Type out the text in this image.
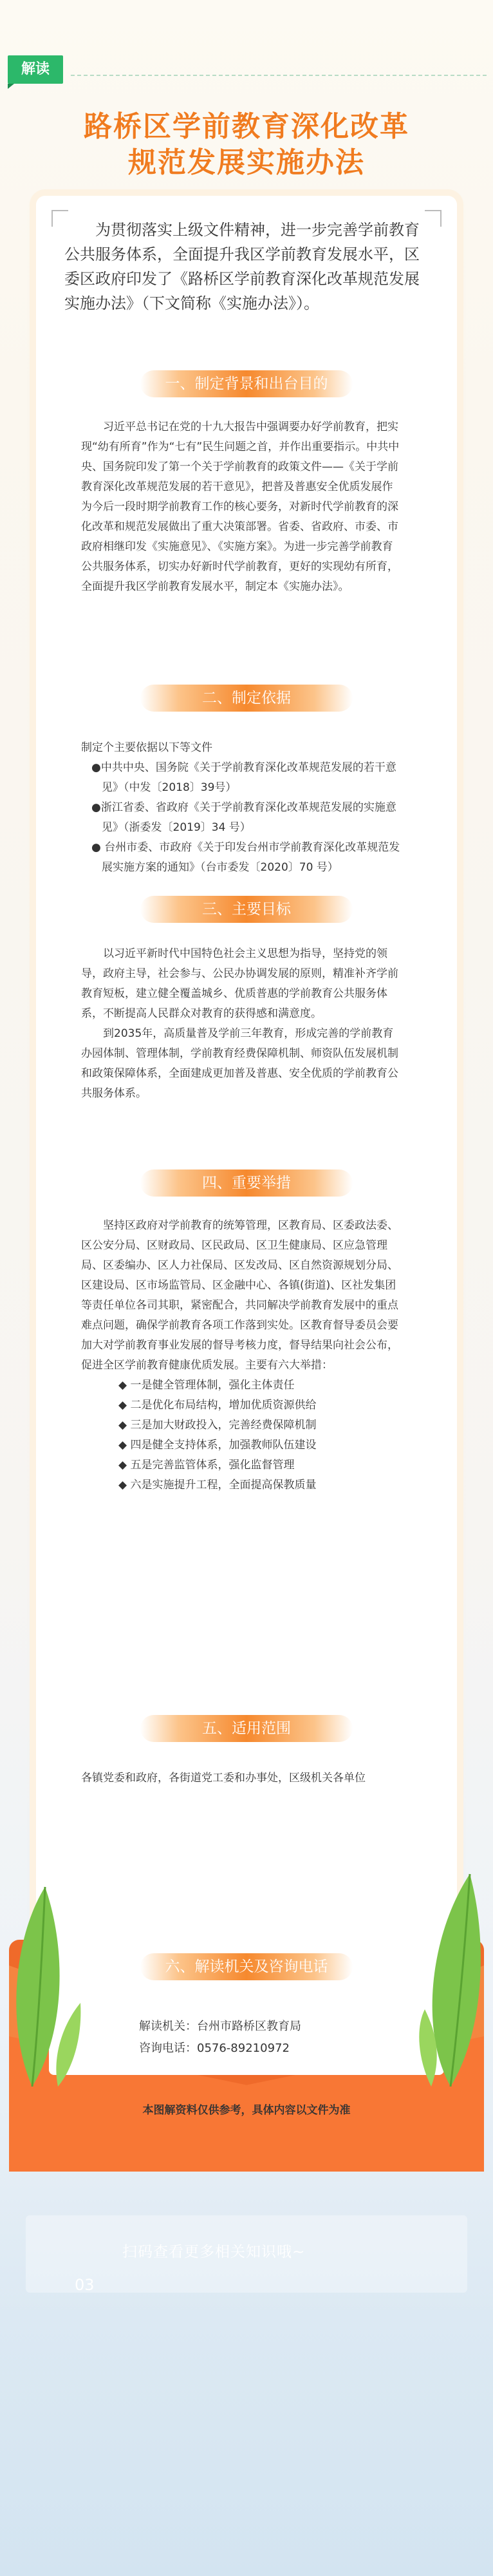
解读
路桥区学前教育深化改革
规范发展实施办法

为贯彻落实上级文件精神，进一步完善学前教育公共服务体系，全面提升我区学前教育发展水平，区委区政府印发了《路桥区学前教育深化改革规范发展实施办法》（下文简称《实施办法》）。

一、制定背景和出台目的

习近平总书记在党的十九大报告中强调要办好学前教育，把实现“幼有所育”作为“七有”民生问题之首，并作出重要指示。中共中央、国务院印发了第一个关于学前教育的政策文件——《关于学前教育深化改革规范发展的若干意见》，把普及普惠安全优质发展作为今后一段时期学前教育工作的核心要务，对新时代学前教育的深化改革和规范发展做出了重大决策部署。省委、省政府、市委、市政府相继印发《实施意见》、《实施方案》。为进一步完善学前教育公共服务体系，切实办好新时代学前教育，更好的实现幼有所育，全面提升我区学前教育发展水平，制定本《实施办法》。

二、制定依据

制定个主要依据以下等文件

●中共中央、国务院《关于学前教育深化改革规范发展的若干意见》（中发〔2018〕39号）

●浙江省委、省政府《关于学前教育深化改革规范发展的实施意见》（浙委发〔2019〕34 号）

● 台州市委、市政府《关于印发台州市学前教育深化改革规范发展实施方案的通知》（台市委发〔2020〕70 号）

三、主要目标

以习近平新时代中国特色社会主义思想为指导，坚持党的领导，政府主导，社会参与、公民办协调发展的原则，精准补齐学前教育短板，建立健全覆盖城乡、优质普惠的学前教育公共服务体系，不断提高人民群众对教育的获得感和满意度。

到2035年，高质量普及学前三年教育，形成完善的学前教育办园体制、管理体制，学前教育经费保障机制、师资队伍发展机制和政策保障体系，全面建成更加普及普惠、安全优质的学前教育公共服务体系。

四、重要举措

坚持区政府对学前教育的统筹管理，区教育局、区委政法委、区公安分局、区财政局、区民政局、区卫生健康局、区应急管理局、区委编办、区人力社保局、区发改局、区自然资源规划分局、区建设局、区市场监管局、区金融中心、各镇(街道)、区社发集团等责任单位各司其职，紧密配合，共同解决学前教育发展中的重点难点问题，确保学前教育各项工作落到实处。区教育督导委员会要加大对学前教育事业发展的督导考核力度，督导结果向社会公布，促进全区学前教育健康优质发展。主要有六大举措：

◆ 一是健全管理体制，强化主体责任

◆ 二是优化布局结构，增加优质资源供给

◆ 三是加大财政投入，完善经费保障机制

◆ 四是健全支持体系，加强教师队伍建设

◆ 五是完善监管体系，强化监督管理

◆ 六是实施提升工程，全面提高保教质量

五、适用范围

各镇党委和政府，各街道党工委和办事处，区级机关各单位

六、解读机关及咨询电话

解读机关：台州市路桥区教育局

咨询电话：0576-89210972

本图解资料仅供参考，具体内容以文件为准
扫码查看更多相关知识哦~
03
